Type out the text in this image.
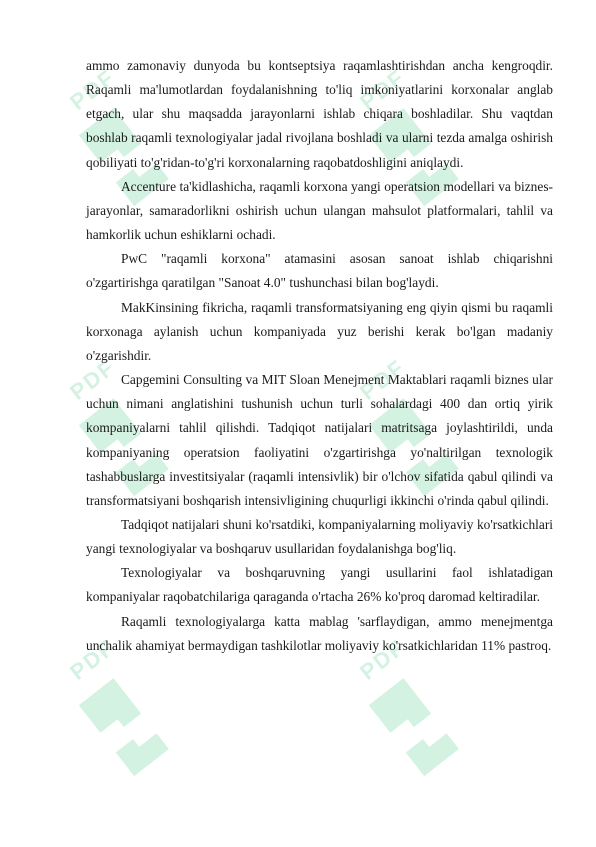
PDF	PDF
PDF	PDF
PDF	PDF

ammo zamonaviy dunyoda bu kontseptsiya raqamlashtirishdan ancha kengroqdir. Raqamli ma'lumotlardan foydalanishning to'liq imkoniyatlarini korxonalar anglab etgach, ular shu maqsadda jarayonlarni ishlab chiqara boshladilar. Shu vaqtdan boshlab raqamli texnologiyalar jadal rivojlana boshladi va ularni tezda amalga oshirish qobiliyati to'g'ridan-to'g'ri korxonalarning raqobatdoshligini aniqlaydi.

Accenture ta'kidlashicha, raqamli korxona yangi operatsion modellari va biznes-jarayonlar, samaradorlikni oshirish uchun ulangan mahsulot platformalari, tahlil va hamkorlik uchun eshiklarni ochadi.

PwC "raqamli korxona" atamasini asosan sanoat ishlab chiqarishni o'zgartirishga qaratilgan "Sanoat 4.0" tushunchasi bilan bog'laydi.

MakKinsining fikricha, raqamli transformatsiyaning eng qiyin qismi bu raqamli korxonaga aylanish uchun kompaniyada yuz berishi kerak bo'lgan madaniy o'zgarishdir.

Capgemini Consulting va MIT Sloan Menejment Maktablari raqamli biznes ular uchun nimani anglatishini tushunish uchun turli sohalardagi 400 dan ortiq yirik kompaniyalarni tahlil qilishdi. Tadqiqot natijalari matritsaga joylashtirildi, unda kompaniyaning operatsion faoliyatini o'zgartirishga yo'naltirilgan texnologik tashabbuslarga investitsiyalar (raqamli intensivlik) bir o'lchov sifatida qabul qilindi va transformatsiyani boshqarish intensivligining chuqurligi ikkinchi o'rinda qabul qilindi.

Tadqiqot natijalari shuni ko'rsatdiki, kompaniyalarning moliyaviy ko'rsatkichlari yangi texnologiyalar va boshqaruv usullaridan foydalanishga bog'liq.

Texnologiyalar va boshqaruvning yangi usullarini faol ishlatadigan kompaniyalar raqobatchilariga qaraganda o'rtacha 26% ko'proq daromad keltiradilar.

Raqamli texnologiyalarga katta mablag 'sarflaydigan, ammo menejmentga unchalik ahamiyat bermaydigan tashkilotlar moliyaviy ko'rsatkichlaridan 11% pastroq.
